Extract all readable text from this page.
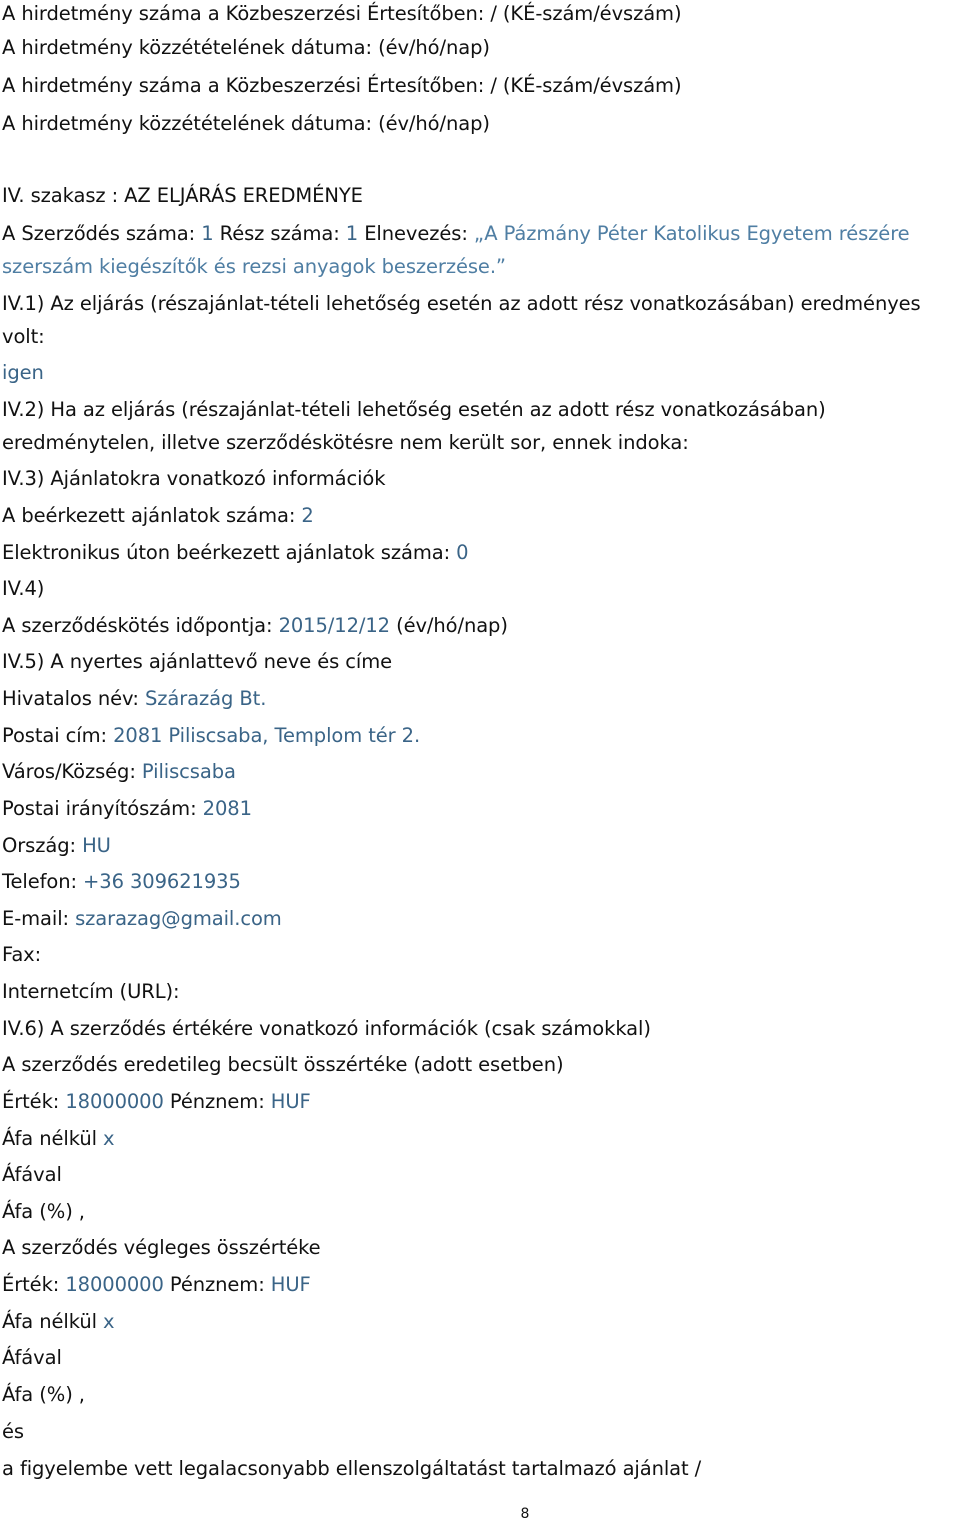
A hirdetmény száma a Közbeszerzési Értesítőben: / (KÉ-szám/évszám)
A hirdetmény közzétételének dátuma: (év/hó/nap)
A hirdetmény száma a Közbeszerzési Értesítőben: / (KÉ-szám/évszám)
A hirdetmény közzétételének dátuma: (év/hó/nap)
IV. szakasz : AZ ELJÁRÁS EREDMÉNYE
A Szerződés száma: 1 Rész száma: 1 Elnevezés: „A Pázmány Péter Katolikus Egyetem részére
szerszám kiegészítők és rezsi anyagok beszerzése.”
IV.1) Az eljárás (részajánlat-tételi lehetőség esetén az adott rész vonatkozásában) eredményes
volt:
igen
IV.2) Ha az eljárás (részajánlat-tételi lehetőség esetén az adott rész vonatkozásában)
eredménytelen, illetve szerződéskötésre nem került sor, ennek indoka:
IV.3) Ajánlatokra vonatkozó információk
A beérkezett ajánlatok száma: 2
Elektronikus úton beérkezett ajánlatok száma: 0
IV.4)
A szerződéskötés időpontja: 2015/12/12 (év/hó/nap)
IV.5) A nyertes ajánlattevő neve és címe
Hivatalos név: Szárazág Bt.
Postai cím: 2081 Piliscsaba, Templom tér 2.
Város/Község: Piliscsaba
Postai irányítószám: 2081
Ország: HU
Telefon: +36 309621935
E-mail: szarazag@gmail.com
Fax:
Internetcím (URL):
IV.6) A szerződés értékére vonatkozó információk (csak számokkal)
A szerződés eredetileg becsült összértéke (adott esetben)
Érték: 18000000 Pénznem: HUF
Áfa nélkül x
Áfával
Áfa (%) ,
A szerződés végleges összértéke
Érték: 18000000 Pénznem: HUF
Áfa nélkül x
Áfával
Áfa (%) ,
és
a figyelembe vett legalacsonyabb ellenszolgáltatást tartalmazó ajánlat /
8
